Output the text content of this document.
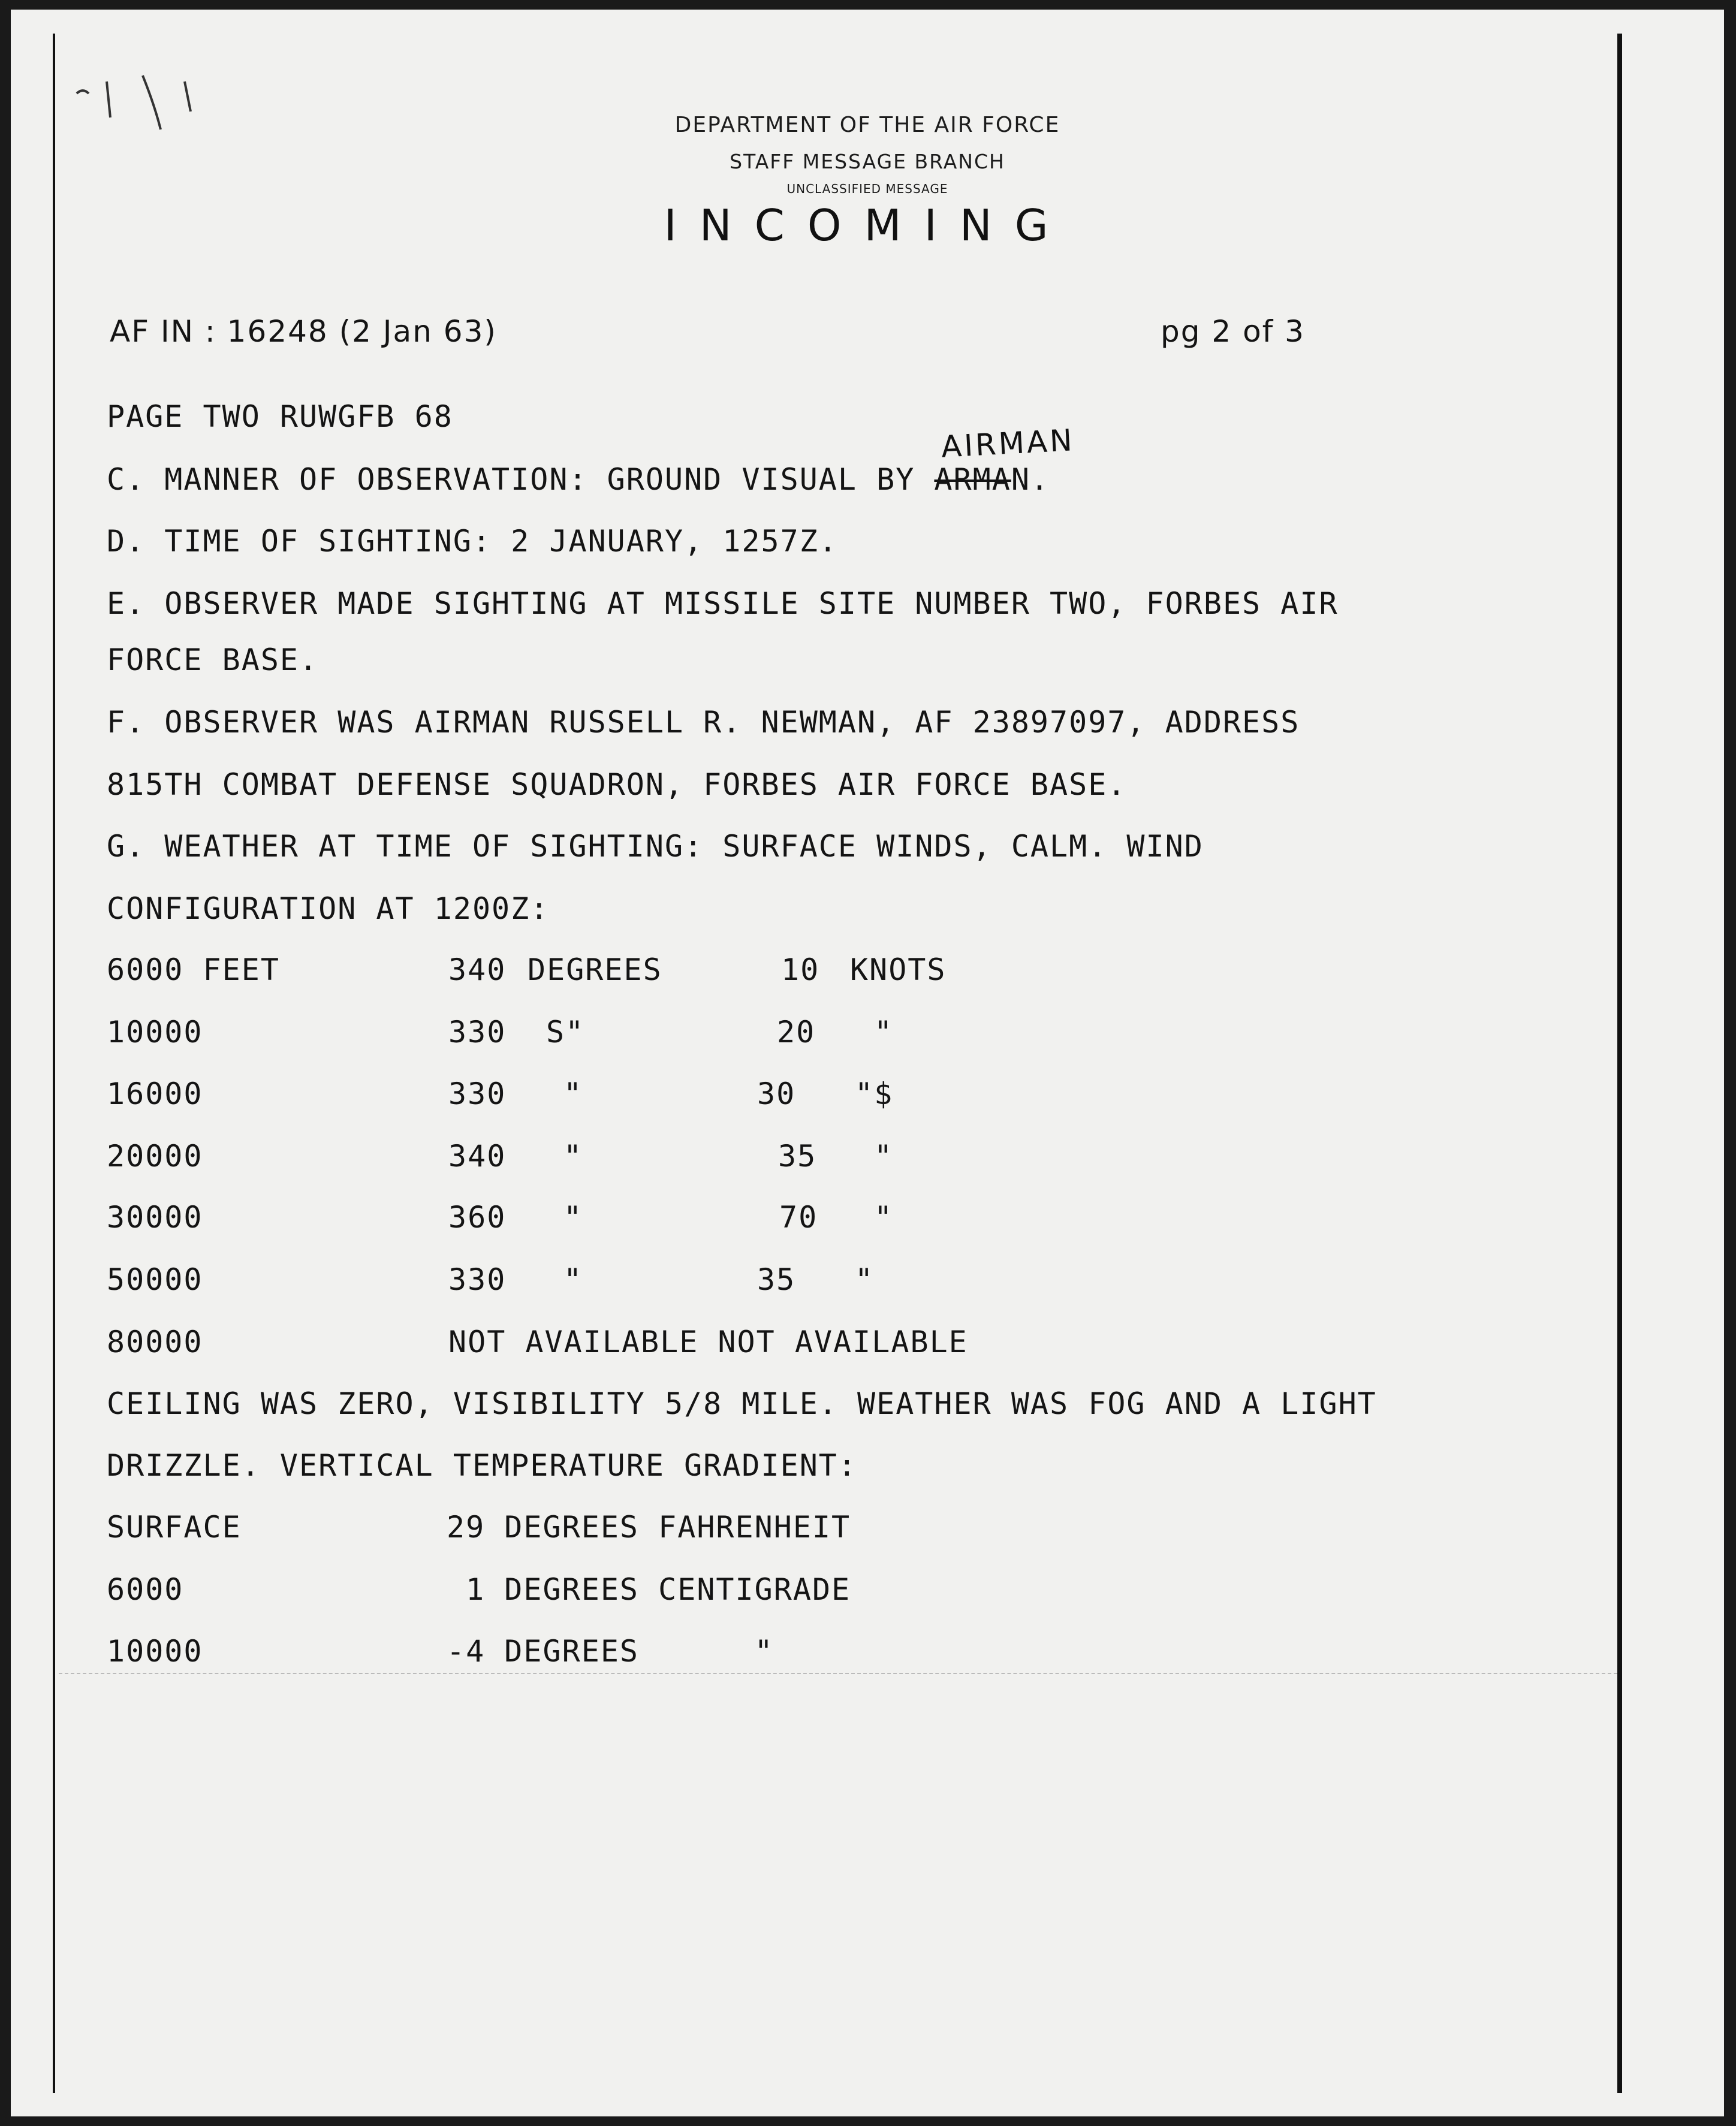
DEPARTMENT OF THE AIR FORCE
STAFF MESSAGE BRANCH
UNCLASSIFIED MESSAGE
INCOMING
AF IN : 16248 (2 Jan 63)	pg 2 of 3
PAGE TWO RUWGFB 68
AIRMAN
C. MANNER OF OBSERVATION: GROUND VISUAL BY ARMAN.
D. TIME OF SIGHTING: 2 JANUARY, 1257Z.
E. OBSERVER MADE SIGHTING AT MISSILE SITE NUMBER TWO, FORBES AIR
FORCE BASE.
F. OBSERVER WAS AIRMAN RUSSELL R. NEWMAN, AF 23897097, ADDRESS
815TH COMBAT DEFENSE SQUADRON, FORBES AIR FORCE BASE.
G. WEATHER AT TIME OF SIGHTING: SURFACE WINDS, CALM. WIND
CONFIGURATION AT 1200Z:
6000 FEET	340 DEGREES	10 KNOTS
10000	330 S"	20 "
16000	330 "	30 "$
20000	340 "	35 "
30000	360 "	70 "
50000	330 "	35 "
80000	NOT AVAILABLE NOT AVAILABLE
CEILING WAS ZERO, VISIBILITY 5/8 MILE. WEATHER WAS FOG AND A LIGHT
DRIZZLE. VERTICAL TEMPERATURE GRADIENT:
SURFACE	29 DEGREES FAHRENHEIT
6000	1 DEGREES CENTIGRADE
10000	-4 DEGREES      "
